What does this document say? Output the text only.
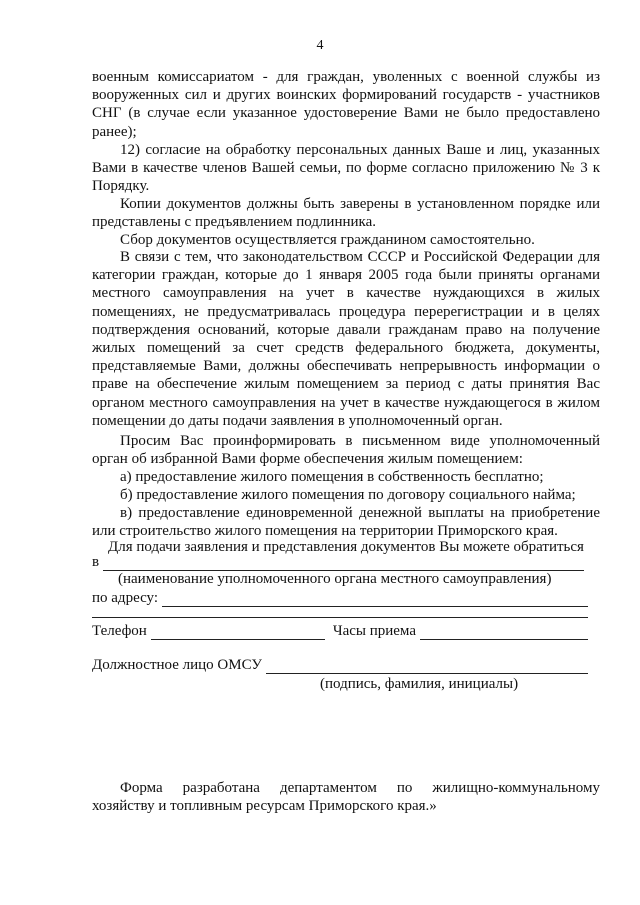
4
военным комиссариатом - для граждан, уволенных с военной службы из вооруженных сил и других воинских формирований государств - участников СНГ (в случае если указанное удостоверение Вами не было предоставлено ранее);
12) согласие на обработку персональных данных Ваше и лиц, указанных Вами в качестве членов Вашей семьи, по форме согласно приложению № 3 к Порядку.
Копии документов должны быть заверены в установленном порядке или представлены с предъявлением подлинника.
Сбор документов осуществляется гражданином самостоятельно.
В связи с тем, что законодательством СССР и Российской Федерации для категории граждан, которые до 1 января 2005 года были приняты органами местного самоуправления на учет в качестве нуждающихся в жилых помещениях, не предусматривалась процедура перерегистрации и в целях подтверждения оснований, которые давали гражданам право на получение жилых помещений за счет средств федерального бюджета, документы, представляемые Вами, должны обеспечивать непрерывность информации о праве на обеспечение жилым помещением за период с даты принятия Вас органом местного самоуправления на учет в качестве нуждающегося в жилом помещении до даты подачи заявления в уполномоченный орган.
Просим Вас проинформировать в письменном виде уполномоченный орган об избранной Вами форме обеспечения жилым помещением:
а) предоставление жилого помещения в собственность бесплатно;
б) предоставление жилого помещения по договору социального найма;
в) предоставление единовременной денежной выплаты на приобретение или строительство жилого помещения на территории Приморского края.
Для подачи заявления и представления документов Вы можете обратиться
в
(наименование уполномоченного органа местного самоуправления)
по адресу:
Телефон	Часы приема
Должностное лицо ОМСУ
(подпись, фамилия, инициалы)
Форма разработана департаментом по жилищно-коммунальному
хозяйству и топливным ресурсам Приморского края.»
